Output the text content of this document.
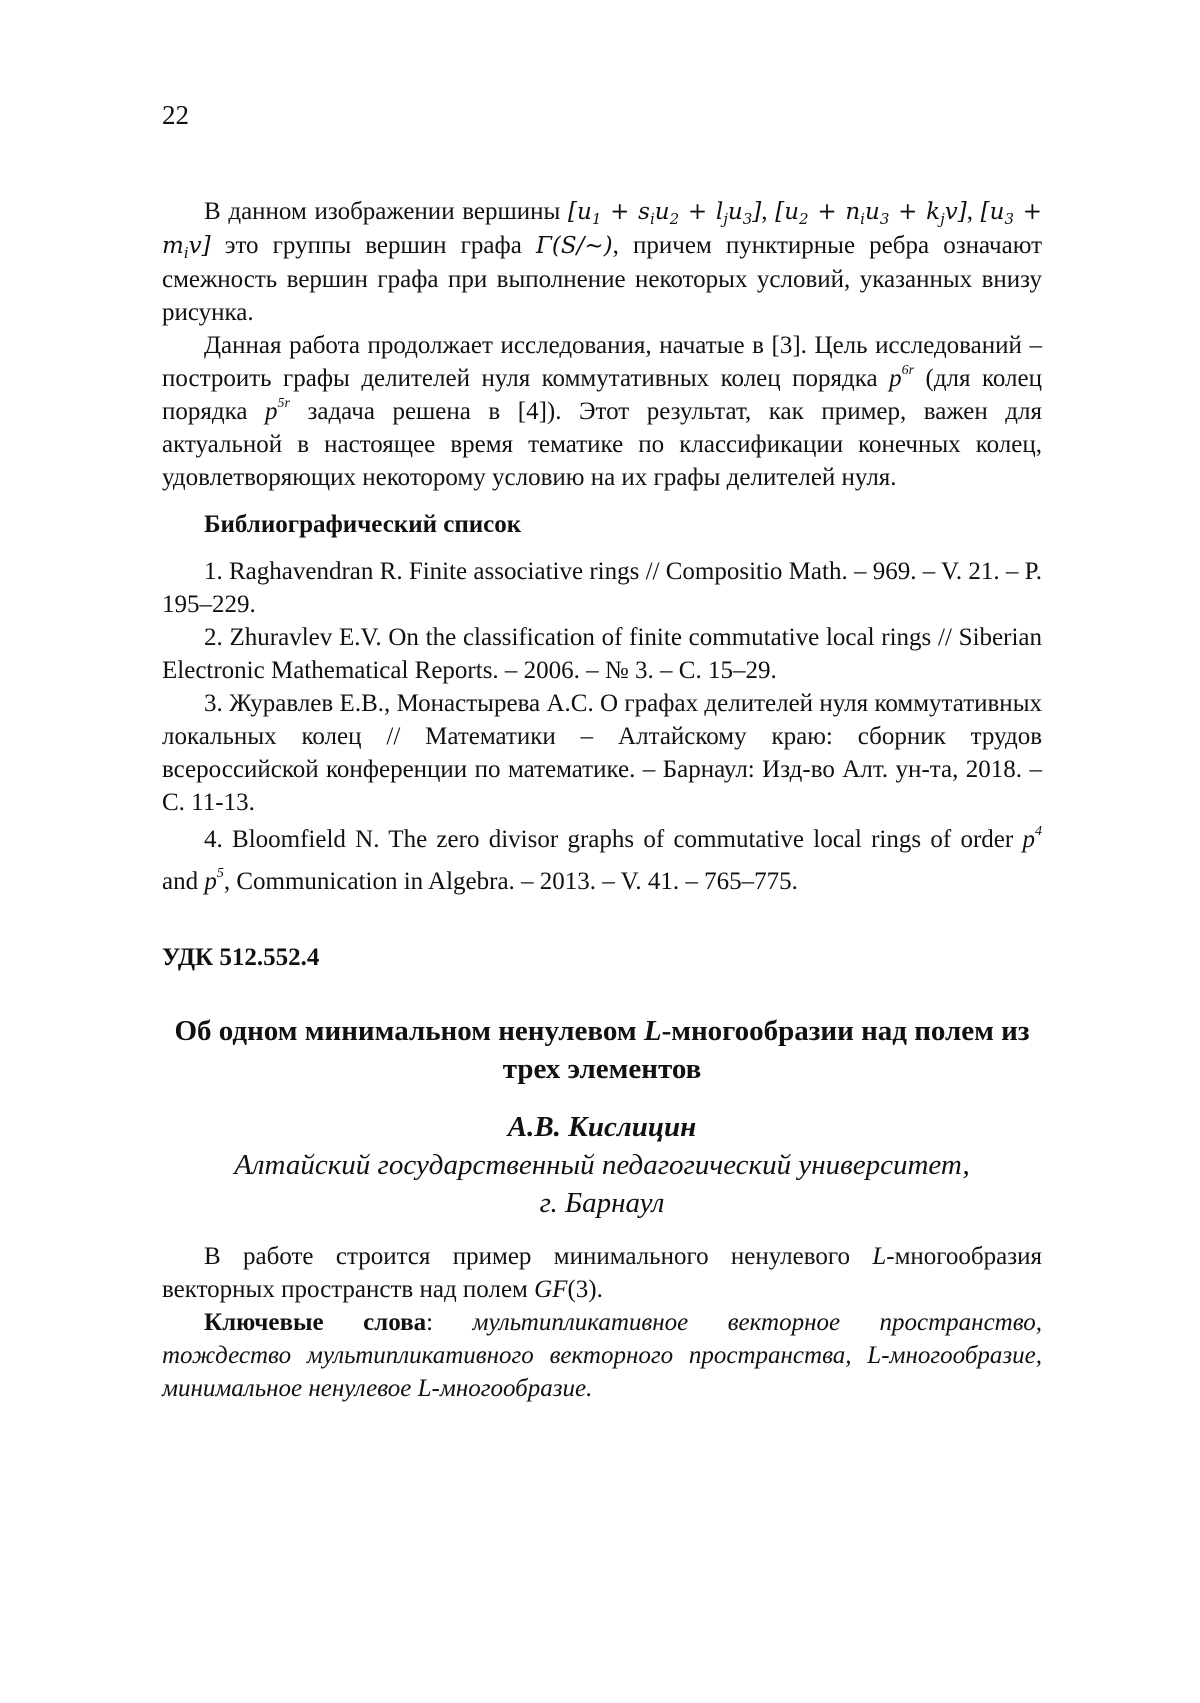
22

В данном изображении вершины $[u_1 + s_iu_2 + l_ju_3]$, $[u_2 + n_iu_3 + k_jv]$, $[u_3 + m_iv]$ это группы вершин графа Γ(S/∼), причем пунктирные ребра означают смежность вершин графа при выполнение некоторых условий, указанных внизу рисунка.

Данная работа продолжает исследования, начатые в [3]. Цель исследований – построить графы делителей нуля коммутативных колец порядка $p^{6r}$ (для колец порядка $p^{5r}$ задача решена в [4]). Этот результат, как пример, важен для актуальной в настоящее время тематике по классификации конечных колец, удовлетворяющих некоторому условию на их графы делителей нуля.

Библиографический список

1. Raghavendran R. Finite associative rings // Compositio Math. – 969. – V. 21. – P. 195–229.

2. Zhuravlev E.V. On the classification of finite commutative local rings // Siberian Electronic Mathematical Reports. – 2006. – № 3. – С. 15–29.

3. Журавлев Е.В., Монастырева А.С. О графах делителей нуля коммутативных локальных колец // Математики – Алтайскому краю: сборник трудов всероссийской конференции по математике. – Барнаул: Изд-во Алт. ун-та, 2018. – С. 11-13.

4. Bloomfield N. The zero divisor graphs of commutative local rings of order $p^4$ and $p^5$, Communication in Algebra. – 2013. – V. 41. – 765–775.

УДК 512.552.4

Об одном минимальном ненулевом L-многообразии над полем из трех элементов

А.В. Кислицин

Алтайский государственный педагогический университет,
г. Барнаул

В работе строится пример минимального ненулевого L-многообразия векторных пространств над полем GF(3).

Ключевые слова: мультипликативное векторное пространство, тождество мультипликативного векторного пространства, L-многообразие, минимальное ненулевое L-многообразие.
